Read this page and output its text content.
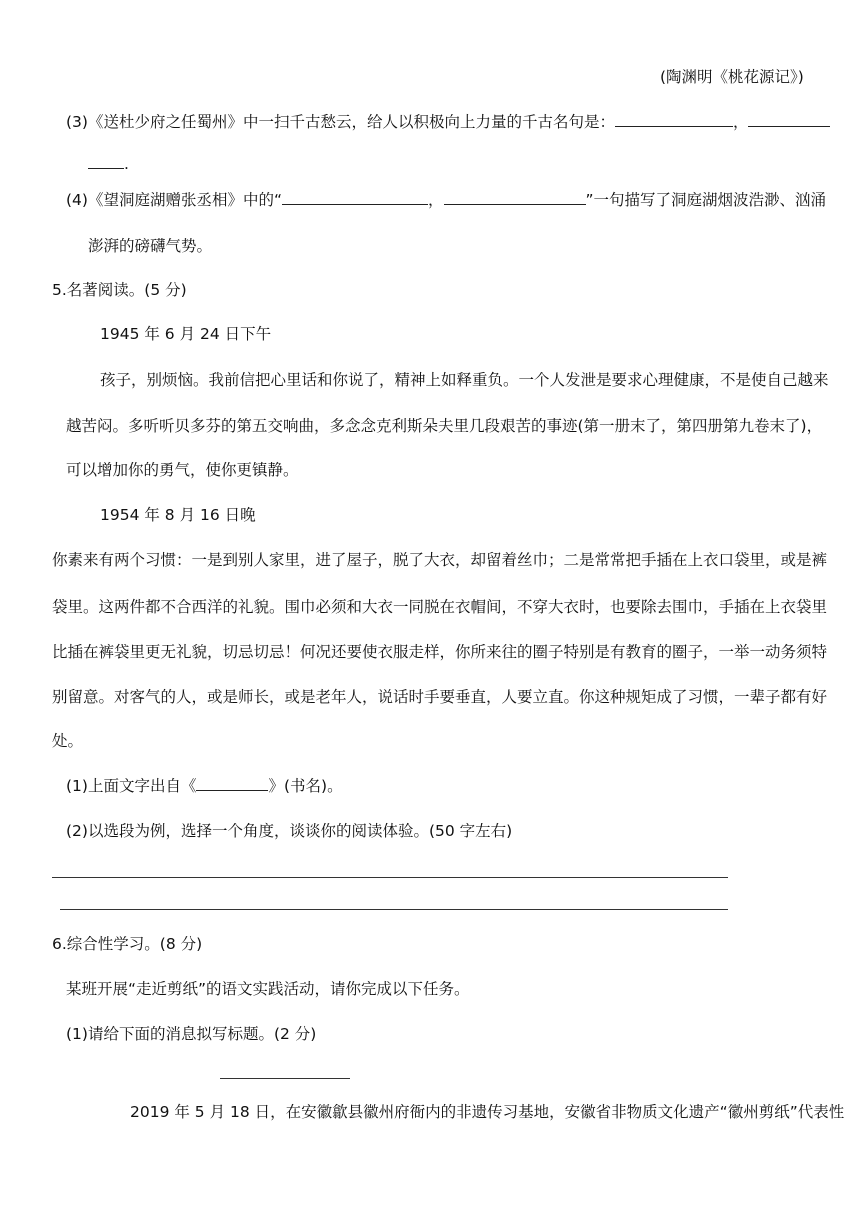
(陶渊明《桃花源记》)
(3)《送杜少府之任蜀州》中一扫千古愁云，给人以积极向上力量的千古名句是：	，
.
(4)《望洞庭湖赠张丞相》中的“	，	”一句描写了洞庭湖烟波浩渺、汹涌
澎湃的磅礴气势。
5.名著阅读。(5 分)
1945 年 6 月 24 日下午
孩子，别烦恼。我前信把心里话和你说了，精神上如释重负。一个人发泄是要求心理健康，不是使自己越来
越苦闷。多听听贝多芬的第五交响曲，多念念克利斯朵夫里几段艰苦的事迹(第一册末了，第四册第九卷末了)，
可以增加你的勇气，使你更镇静。
1954 年 8 月 16 日晚
你素来有两个习惯：一是到别人家里，进了屋子，脱了大衣，却留着丝巾；二是常常把手插在上衣口袋里，或是裤
袋里。这两件都不合西洋的礼貌。围巾必须和大衣一同脱在衣帽间，不穿大衣时，也要除去围巾，手插在上衣袋里
比插在裤袋里更无礼貌，切忌切忌！何况还要使衣服走样，你所来往的圈子特别是有教育的圈子，一举一动务须特
别留意。对客气的人，或是师长，或是老年人，说话时手要垂直，人要立直。你这种规矩成了习惯，一辈子都有好
处。
(1)上面文字出自《	》(书名)。
(2)以选段为例，选择一个角度，谈谈你的阅读体验。(50 字左右)
6.综合性学习。(8 分)
某班开展“走近剪纸”的语文实践活动，请你完成以下任务。
(1)请给下面的消息拟写标题。(2 分)
2019 年 5 月 18 日，在安徽歙县徽州府衙内的非遗传习基地，安徽省非物质文化遗产“徽州剪纸”代表性
